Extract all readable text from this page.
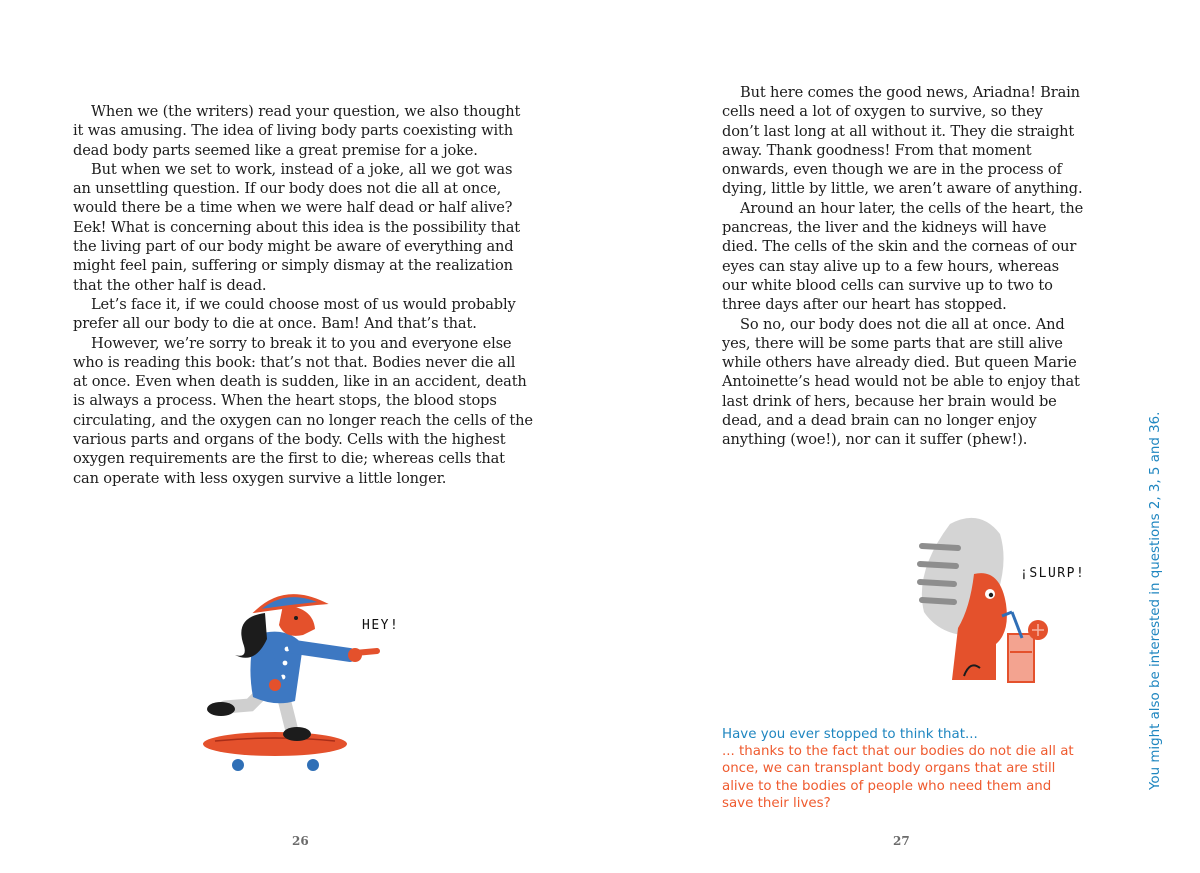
When we (the writers) read your question, we also thought it was amusing. The idea of living body parts coexisting with dead body parts seemed like a great premise for a joke.

But when we set to work, instead of a joke, all we got was an unsettling question. If our body does not die all at once, would there be a time when we were half dead or half alive? Eek! What is concerning about this idea is the possibility that the living part of our body might be aware of everything and might feel pain, suffering or simply dismay at the realization that the other half is dead.

Let’s face it, if we could choose most of us would probably prefer all our body to die at once. Bam! And that’s that.

However, we’re sorry to break it to you and everyone else who is reading this book: that’s not that. Bodies never die all at once. Even when death is sudden, like in an accident, death is always a process. When the heart stops, the blood stops circulating, and the oxygen can no longer reach the cells of the various parts and organs of the body. Cells with the highest oxygen requirements are the first to die; whereas cells that can operate with less oxygen survive a little longer.

HEY!
26

But here comes the good news, Ariadna! Brain cells need a lot of oxygen to survive, so they don’t last long at all without it. They die straight away. Thank goodness! From that moment onwards, even though we are in the process of dying, little by little, we aren’t aware of anything.

Around an hour later, the cells of the heart, the pancreas, the liver and the kidneys will have died. The cells of the skin and the corneas of our eyes can stay alive up to a few hours, whereas our white blood cells can survive up to two to three days after our heart has stopped.

So no, our body does not die all at once. And yes, there will be some parts that are still alive while others have already died. But queen Marie Antoinette’s head would not be able to enjoy that last drink of hers, because her brain would be dead, and a dead brain can no longer enjoy anything (woe!), nor can it suffer (phew!).

¡SLURP!

Have you ever stopped to think that...

... thanks to the fact that our bodies do not die all at once, we can transplant body organs that are still alive to the bodies of people who need them and save their lives?

You might also be interested in questions 2, 3, 5 and 36.
27
